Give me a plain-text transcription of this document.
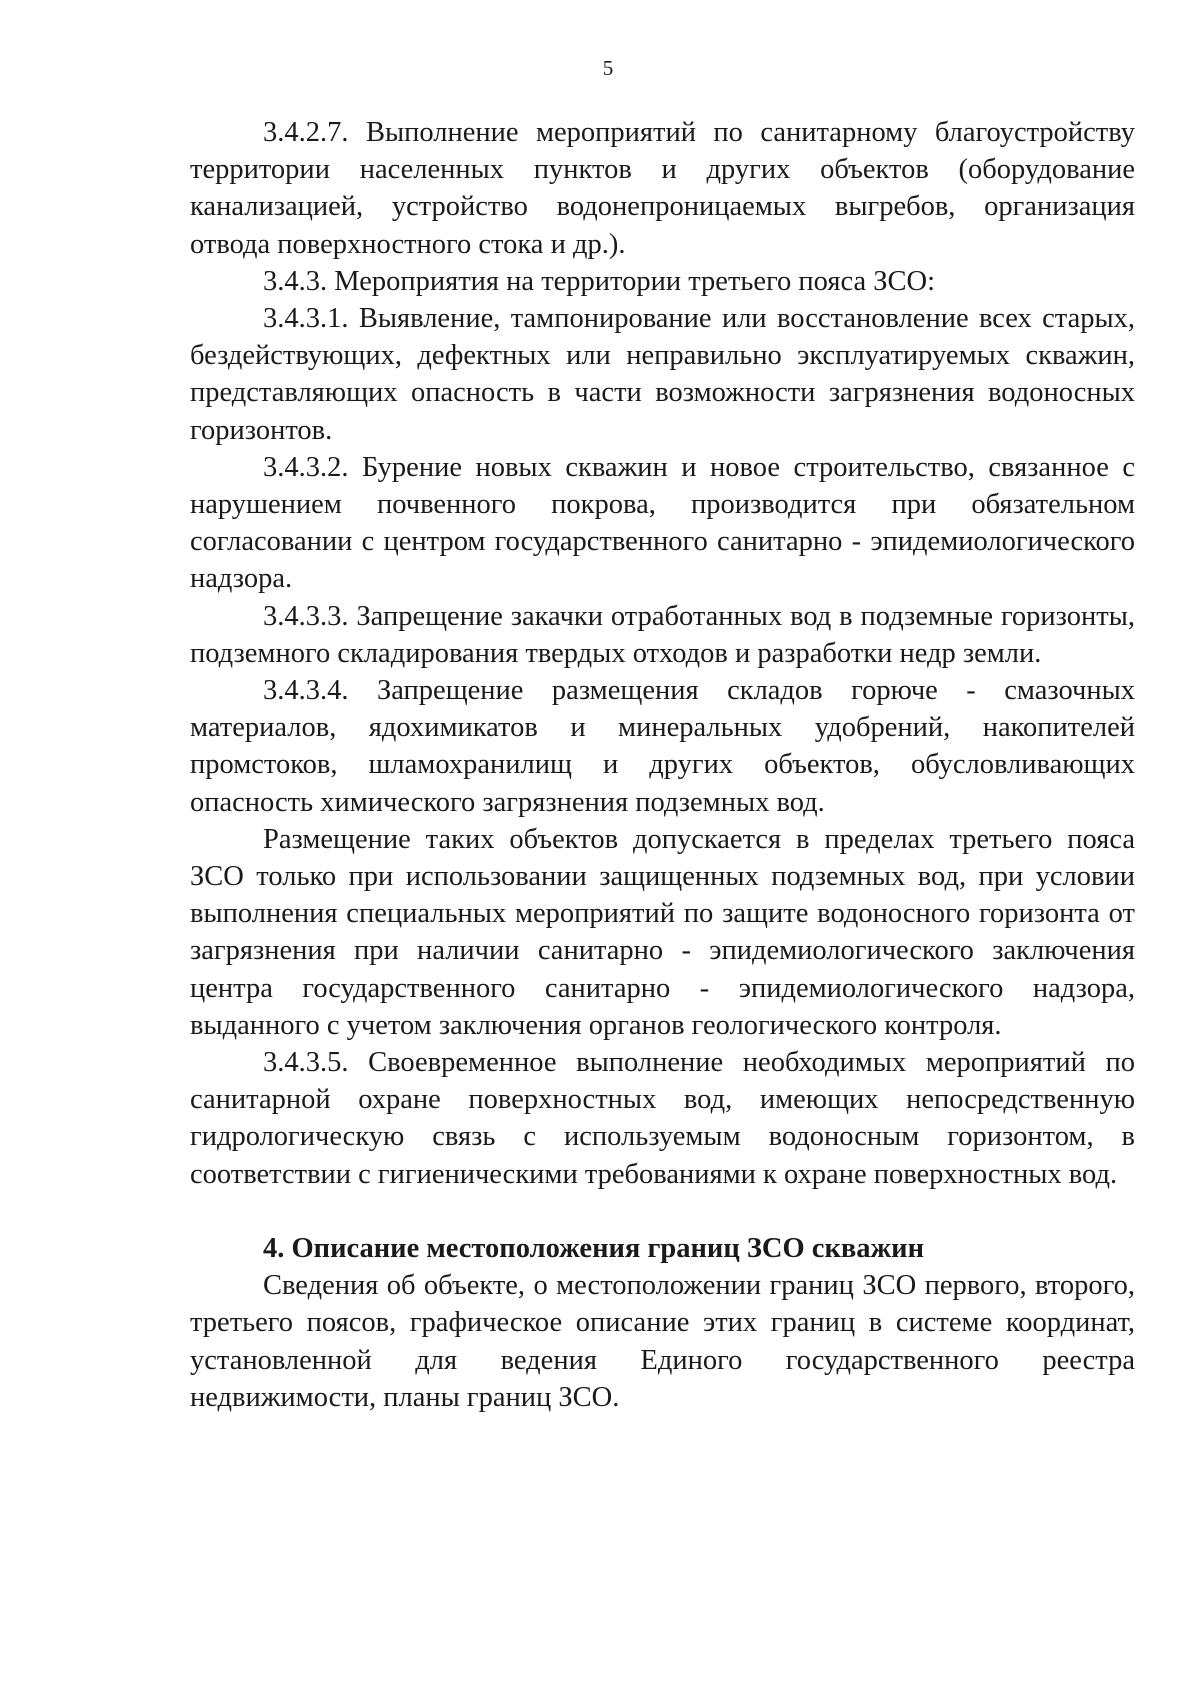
5

3.4.2.7. Выполнение мероприятий по санитарному благоустройству территории населенных пунктов и других объектов (оборудование канализацией, устройство водонепроницаемых выгребов, организация отвода поверхностного стока и др.).

3.4.3. Мероприятия на территории третьего пояса ЗСО:

3.4.3.1. Выявление, тампонирование или восстановление всех старых, бездействующих, дефектных или неправильно эксплуатируемых скважин, представляющих опасность в части возможности загрязнения водоносных горизонтов.

3.4.3.2. Бурение новых скважин и новое строительство, связанное с нарушением почвенного покрова, производится при обязательном согласовании с центром государственного санитарно - эпидемиологического надзора.

3.4.3.3. Запрещение закачки отработанных вод в подземные горизонты, подземного складирования твердых отходов и разработки недр земли.

3.4.3.4. Запрещение размещения складов горюче - смазочных материалов, ядохимикатов и минеральных удобрений, накопителей промстоков, шламохранилищ и других объектов, обусловливающих опасность химического загрязнения подземных вод.

Размещение таких объектов допускается в пределах третьего пояса ЗСО только при использовании защищенных подземных вод, при условии выполнения специальных мероприятий по защите водоносного горизонта от загрязнения при наличии санитарно - эпидемиологического заключения центра государственного санитарно - эпидемиологического надзора, выданного с учетом заключения органов геологического контроля.

3.4.3.5. Своевременное выполнение необходимых мероприятий по санитарной охране поверхностных вод, имеющих непосредственную гидрологическую связь с используемым водоносным горизонтом, в соответствии с гигиеническими требованиями к охране поверхностных вод.

4. Описание местоположения границ ЗСО скважин

Сведения об объекте, о местоположении границ ЗСО первого, второго, третьего поясов, графическое описание этих границ в системе координат, установленной для ведения Единого государственного реестра недвижимости, планы границ ЗСО.
